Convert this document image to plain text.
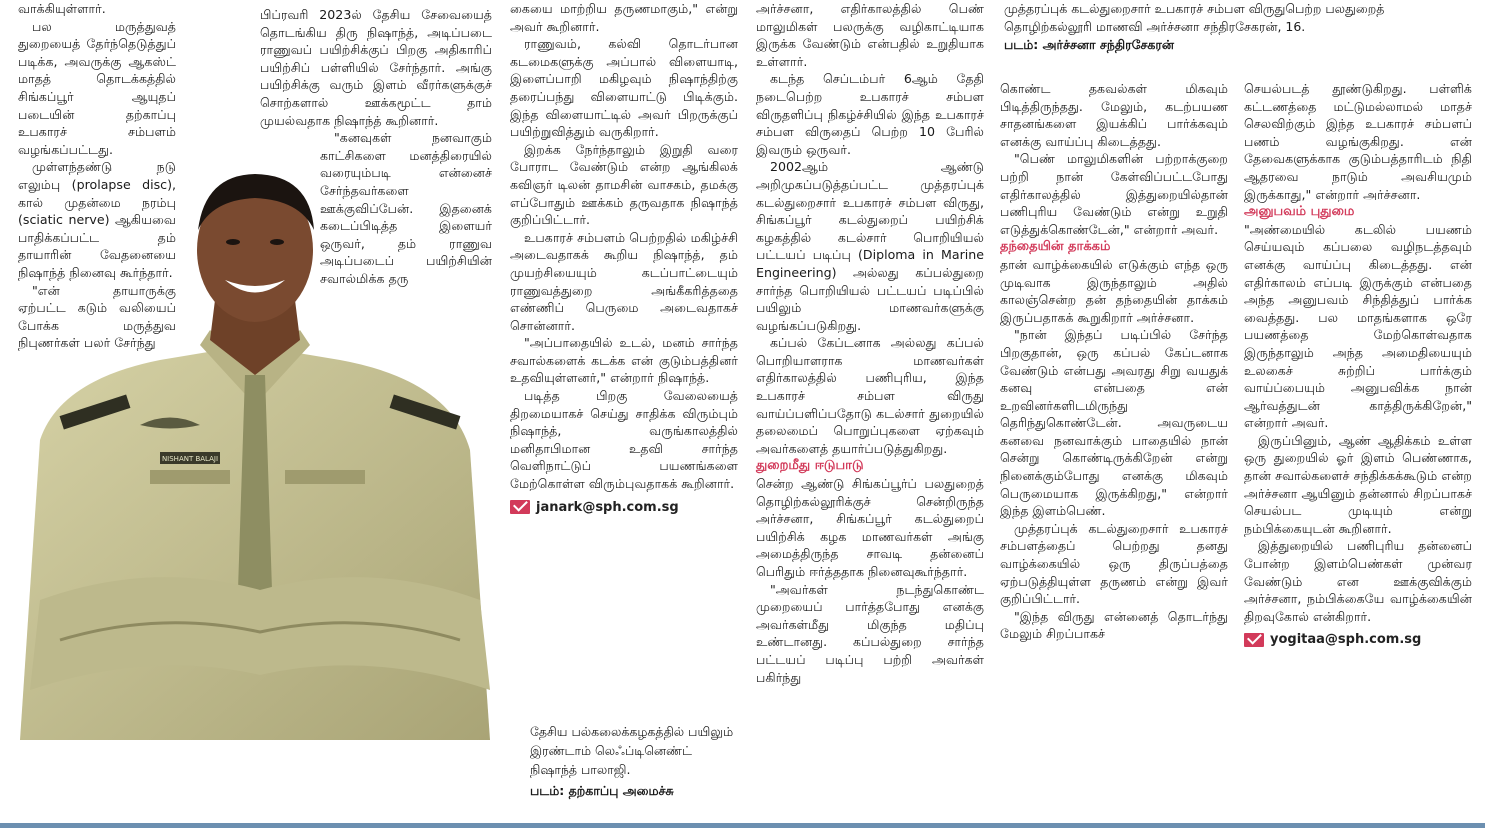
வாக்கியுள்ளார்.

பல மருத்துவத் துறையைத் தேர்ந்தெடுத்துப் படிக்க, அவருக்கு ஆகஸ்ட் மாதத் தொடக்கத்தில் சிங்கப்பூர் ஆயுதப் படையின் தற்காப்பு உபகாரச் சம்பளம் வழங்கப்பட்டது.

முள்ளந்தண்டு நடு எலும்பு (prolapse disc), கால் முதன்மை நரம்பு (sciatic nerve) ஆகியவை பாதிக்கப்பட்ட தம் தாயாரின் வேதனையை நிஷாந்த் நினைவு கூர்ந்தார்.

"என் தாயாருக்கு ஏற்பட்ட கடும் வலியைப் போக்க மருத்துவ நிபுணர்கள் பலர் சேர்ந்து

பிப்ரவரி 2023ல் தேசிய சேவையைத் தொடங்கிய திரு நிஷாந்த், அடிப்படை ராணுவப் பயிற்சிக்குப் பிறகு அதிகாரிப் பயிற்சிப் பள்ளியில் சேர்ந்தார். அங்கு பயிற்சிக்கு வரும் இளம் வீரர்களுக்குச் சொற்களால் ஊக்கமூட்ட தாம் முயல்வதாக நிஷாந்த் கூறினார்.

"கனவுகள் நனவாகும் காட்சிகளை மனத்திரையில் வரையும்படி என்னைச் சேர்ந்தவர்களை ஊக்குவிப்பேன். இதனைக் கடைப்பிடித்த இளையர் ஒருவர், தம் ராணுவ அடிப்படைப் பயிற்சியின் சவால்மிக்க தரு

NISHANT BALAJI
தேசிய பல்கலைக்கழகத்தில் பயிலும் இரண்டாம் லெஃப்டினெண்ட் நிஷாந்த் பாலாஜி.
படம்: தற்காப்பு அமைச்சு

கையை மாற்றிய தருணமாகும்," என்று அவர் கூறினார்.

ராணுவம், கல்வி தொடர்பான கடமைகளுக்கு அப்பால் விளையாடி, இளைப்பாறி மகிழவும் நிஷாந்திற்கு தரைப்பந்து விளையாட்டு பிடிக்கும். இந்த விளையாட்டில் அவர் பிறருக்குப் பயிற்றுவித்தும் வருகிறார்.

இறக்க நேர்ந்தாலும் இறுதி வரை போராட வேண்டும் என்ற ஆங்கிலக் கவிஞர் டிலன் தாமசின் வாசகம், தமக்கு எப்போதும் ஊக்கம் தருவதாக நிஷாந்த் குறிப்பிட்டார்.

உபகாரச் சம்பளம் பெற்றதில் மகிழ்ச்சி அடைவதாகக் கூறிய நிஷாந்த், தம் முயற்சியையும் கடப்பாட்டையும் ராணுவத்துறை அங்கீகரித்ததை எண்ணிப் பெருமை அடைவதாகச் சொன்னார்.

"அப்பாதையில் உடல், மனம் சார்ந்த சவால்களைக் கடக்க என் குடும்பத்தினர் உதவியுள்ளனர்," என்றார் நிஷாந்த்.

படித்த பிறகு வேலையைத் திறமையாகச் செய்து சாதிக்க விரும்பும் நிஷாந்த், வருங்காலத்தில் மனிதாபிமான உதவி சார்ந்த வெளிநாட்டுப் பயணங்களை மேற்கொள்ள விரும்புவதாகக் கூறினார்.

janark@sph.com.sg

அர்ச்சனா, எதிர்காலத்தில் பெண் மாலுமிகள் பலருக்கு வழிகாட்டியாக இருக்க வேண்டும் என்பதில் உறுதியாக உள்ளார்.

கடந்த செப்டம்பர் 6ஆம் தேதி நடைபெற்ற உபகாரச் சம்பள விருதளிப்பு நிகழ்ச்சியில் இந்த உபகாரச் சம்பள விருதைப் பெற்ற 10 பேரில் இவரும் ஒருவர்.

2002ஆம் ஆண்டு அறிமுகப்படுத்தப்பட்ட முத்தரப்புக் கடல்துறைசார் உபகாரச் சம்பள விருது, சிங்கப்பூர் கடல்துறைப் பயிற்சிக் கழகத்தில் கடல்சார் பொறியியல் பட்டயப் படிப்பு (Diploma in Marine Engineering) அல்லது கப்பல்துறை சார்ந்த பொறியியல் பட்டயப் படிப்பில் பயிலும் மாணவர்களுக்கு வழங்கப்படுகிறது.

கப்பல் கேப்டனாக அல்லது கப்பல் பொறியாளராக மாணவர்கள் எதிர்காலத்தில் பணிபுரிய, இந்த உபகாரச் சம்பள விருது வாய்ப்பளிப்பதோடு கடல்சார் துறையில் தலைமைப் பொறுப்புகளை ஏற்கவும் அவர்களைத் தயார்ப்படுத்துகிறது.

துறைமீது ஈடுபாடு

சென்ற ஆண்டு சிங்கப்பூர்ப் பலதுறைத் தொழிற்கல்லூரிக்குச் சென்றிருந்த அர்ச்சனா, சிங்கப்பூர் கடல்துறைப் பயிற்சிக் கழக மாணவர்கள் அங்கு அமைத்திருந்த சாவடி தன்னைப் பெரிதும் ஈர்த்ததாக நினைவுகூர்ந்தார்.

"அவர்கள் நடந்துகொண்ட முறையைப் பார்த்தபோது எனக்கு அவர்கள்மீது மிகுந்த மதிப்பு உண்டானது. கப்பல்துறை சார்ந்த பட்டயப் படிப்பு பற்றி அவர்கள் பகிர்ந்து

முத்தரப்புக் கடல்துறைசார் உபகாரச் சம்பள விருதுபெற்ற பலதுறைத் தொழிற்கல்லூரி மாணவி அர்ச்சனா சந்திரசேகரன், 16.
படம்: அர்ச்சனா சந்திரசேகரன்

கொண்ட தகவல்கள் மிகவும் பிடித்திருந்தது. மேலும், கடற்பயண சாதனங்களை இயக்கிப் பார்க்கவும் எனக்கு வாய்ப்பு கிடைத்தது.

"பெண் மாலுமிகளின் பற்றாக்குறை பற்றி நான் கேள்விப்பட்டபோது எதிர்காலத்தில் இத்துறையில்தான் பணிபுரிய வேண்டும் என்று உறுதி எடுத்துக்கொண்டேன்," என்றார் அவர்.

தந்தையின் தாக்கம்

தான் வாழ்க்கையில் எடுக்கும் எந்த ஒரு முடிவாக இருந்தாலும் அதில் காலஞ்சென்ற தன் தந்தையின் தாக்கம் இருப்பதாகக் கூறுகிறார் அர்ச்சனா.

"நான் இந்தப் படிப்பில் சேர்ந்த பிறகுதான், ஒரு கப்பல் கேப்டனாக வேண்டும் என்பது அவரது சிறு வயதுக் கனவு என்பதை என் உறவினர்களிடமிருந்து தெரிந்துகொண்டேன். அவருடைய கனவை நனவாக்கும் பாதையில் நான் சென்று கொண்டிருக்கிறேன் என்று நினைக்கும்போது எனக்கு மிகவும் பெருமையாக இருக்கிறது," என்றார் இந்த இளம்பெண்.

முத்தரப்புக் கடல்துறைசார் உபகாரச் சம்பளத்தைப் பெற்றது தனது வாழ்க்கையில் ஒரு திருப்பத்தை ஏற்படுத்தியுள்ள தருணம் என்று இவர் குறிப்பிட்டார்.

"இந்த விருது என்னைத் தொடர்ந்து மேலும் சிறப்பாகச்

செயல்படத் தூண்டுகிறது. பள்ளிக் கட்டணத்தை மட்டுமல்லாமல் மாதச் செலவிற்கும் இந்த உபகாரச் சம்பளப் பணம் வழங்குகிறது. என் தேவைகளுக்காக குடும்பத்தாரிடம் நிதி ஆதரவை நாடும் அவசியமும் இருக்காது," என்றார் அர்ச்சனா.

அனுபவம் புதுமை

"அண்மையில் கடலில் பயணம் செய்யவும் கப்பலை வழிநடத்தவும் எனக்கு வாய்ப்பு கிடைத்தது. என் எதிர்காலம் எப்படி இருக்கும் என்பதை அந்த அனுபவம் சிந்தித்துப் பார்க்க வைத்தது. பல மாதங்களாக ஒரே பயணத்தை மேற்கொள்வதாக இருந்தாலும் அந்த அமைதியையும் உலகைச் சுற்றிப் பார்க்கும் வாய்ப்பையும் அனுபவிக்க நான் ஆர்வத்துடன் காத்திருக்கிறேன்," என்றார் அவர்.

இருப்பினும், ஆண் ஆதிக்கம் உள்ள ஒரு துறையில் ஓர் இளம் பெண்ணாக, தான் சவால்களைச் சந்திக்கக்கூடும் என்ற அர்ச்சனா ஆயினும் தன்னால் சிறப்பாகச் செயல்பட முடியும் என்று நம்பிக்கையுடன் கூறினார்.

இத்துறையில் பணிபுரிய தன்னைப் போன்ற இளம்பெண்கள் முன்வர வேண்டும் என ஊக்குவிக்கும் அர்ச்சனா, நம்பிக்கையே வாழ்க்கையின் திறவுகோல் என்கிறார்.

yogitaa@sph.com.sg
